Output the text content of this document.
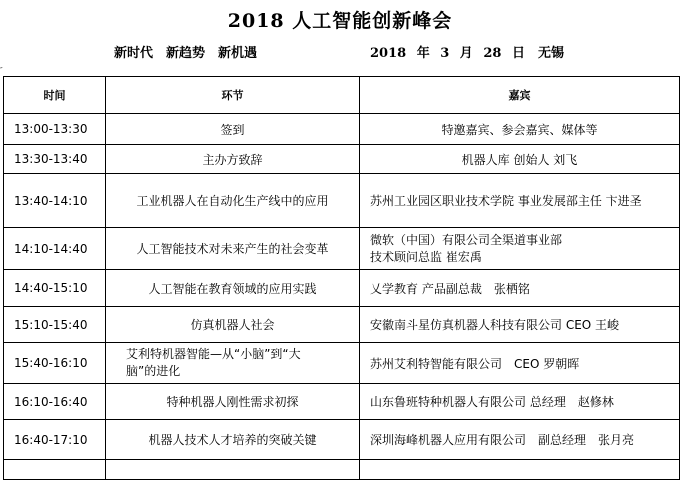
2018 人工智能创新峰会
新时代　新趋势　新机遇	2018 年 3 月 28 日　无锡
˹
时间	环节	嘉宾
13:00-13:30	签到	特邀嘉宾、参会嘉宾、媒体等
13:30-13:40	主办方致辞	机器人库 创始人 刘飞
13:40-14:10	工业机器人在自动化生产线中的应用	苏州工业园区职业技术学院 事业发展部主任 卞进圣
14:10-14:40	人工智能技术对未来产生的社会变革	微软（中国）有限公司全渠道事业部
技术顾问总监 崔宏禹

14:40-15:10	人工智能在教育领域的应用实践	乂学教育 产品副总裁　张栖铭
15:10-15:40	仿真机器人社会	安徽南斗星仿真机器人科技有限公司 CEO 王峻
15:40-16:10	艾利特机器智能—从“小脑”到“大
脑”的进化	苏州艾利特智能有限公司　CEO 罗朝晖
16:10-16:40	特种机器人刚性需求初探	山东鲁班特种机器人有限公司 总经理　赵修林
16:40-17:10	机器人技术人才培养的突破关键	深圳海峰机器人应用有限公司　副总经理　张月亮
